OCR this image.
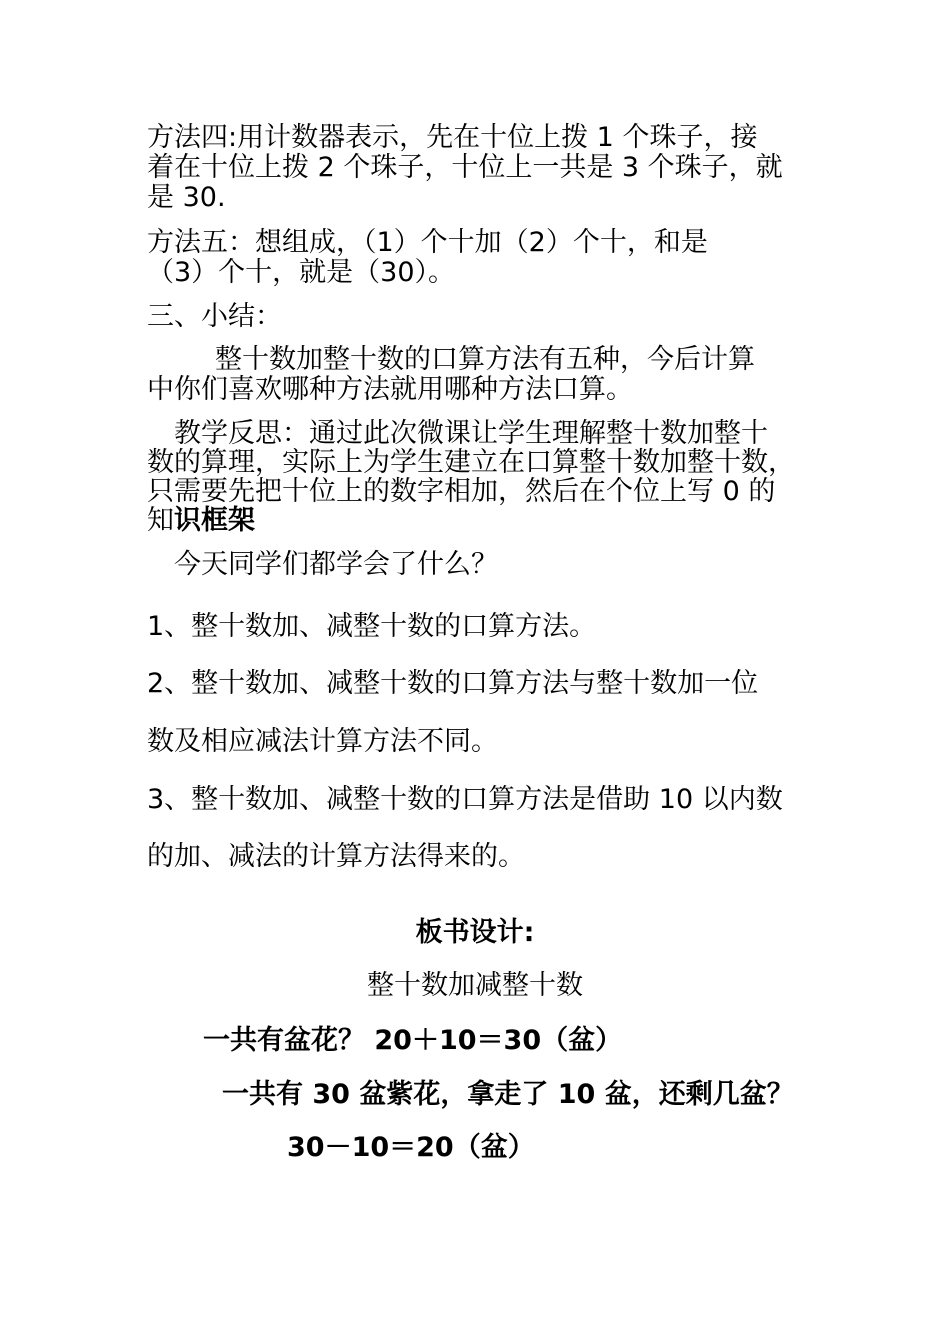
方法四:用计数器表示，先在十位上拨 1 个珠子，接
着在十位上拨 2 个珠子，十位上一共是 3 个珠子，就
是 30.
方法五：想组成，（1）个十加（2）个十，和是
（3）个十，就是（30）。
三、小结：
整十数加整十数的口算方法有五种，今后计算
中你们喜欢哪种方法就用哪种方法口算。
教学反思：通过此次微课让学生理解整十数加整十
数的算理，实际上为学生建立在口算整十数加整十数，
只需要先把十位上的数字相加，然后在个位上写 0 的
知识框架
今天同学们都学会了什么？
1、整十数加、减整十数的口算方法。
2、整十数加、减整十数的口算方法与整十数加一位
数及相应减法计算方法不同。
3、整十数加、减整十数的口算方法是借助 10 以内数
的加、减法的计算方法得来的。
板书设计:
整十数加减整十数
一共有盆花？ 20＋10＝30（盆）
一共有 30 盆紫花，拿走了 10 盆，还剩几盆？
30－10＝20（盆）
